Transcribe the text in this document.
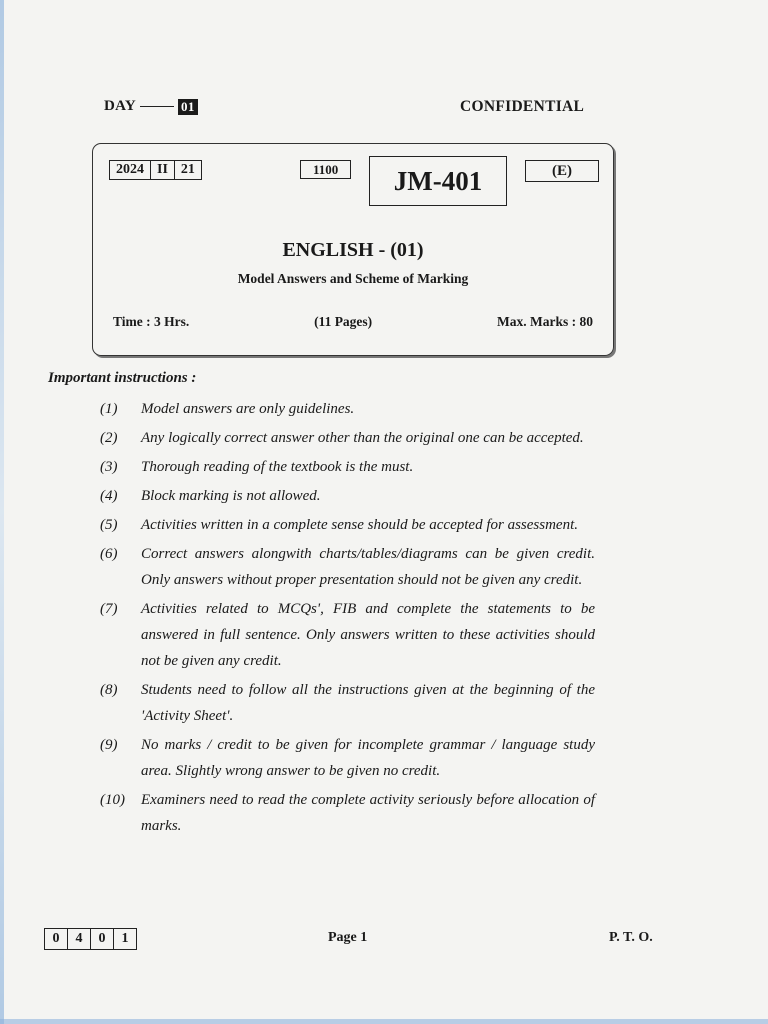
DAY	01	CONFIDENTIAL
2024 II 21	1100	JM-401	(E)
ENGLISH - (01)
Model Answers and Scheme of Marking
Time : 3 Hrs.	(11 Pages)	Max. Marks : 80
Important instructions :
(1)	Model answers are only guidelines.
(2)	Any logically correct answer other than the original one can be accepted.
(3)	Thorough reading of the textbook is the must.
(4)	Block marking is not allowed.
(5)	Activities written in a complete sense should be accepted for assessment.
(6)	Correct answers alongwith charts/tables/diagrams can be given credit. Only answers without proper presentation should not be given any credit.
(7)	Activities related to MCQs', FIB and complete the statements to be answered in full sentence. Only answers written to these activities should not be given any credit.
(8)	Students need to follow all the instructions given at the beginning of the 'Activity Sheet'.
(9)	No marks / credit to be given for incomplete grammar / language study area. Slightly wrong answer to be given no credit.
(10)	Examiners need to read the complete activity seriously before allocation of marks.
0	4	0	1	Page 1	P. T. O.
